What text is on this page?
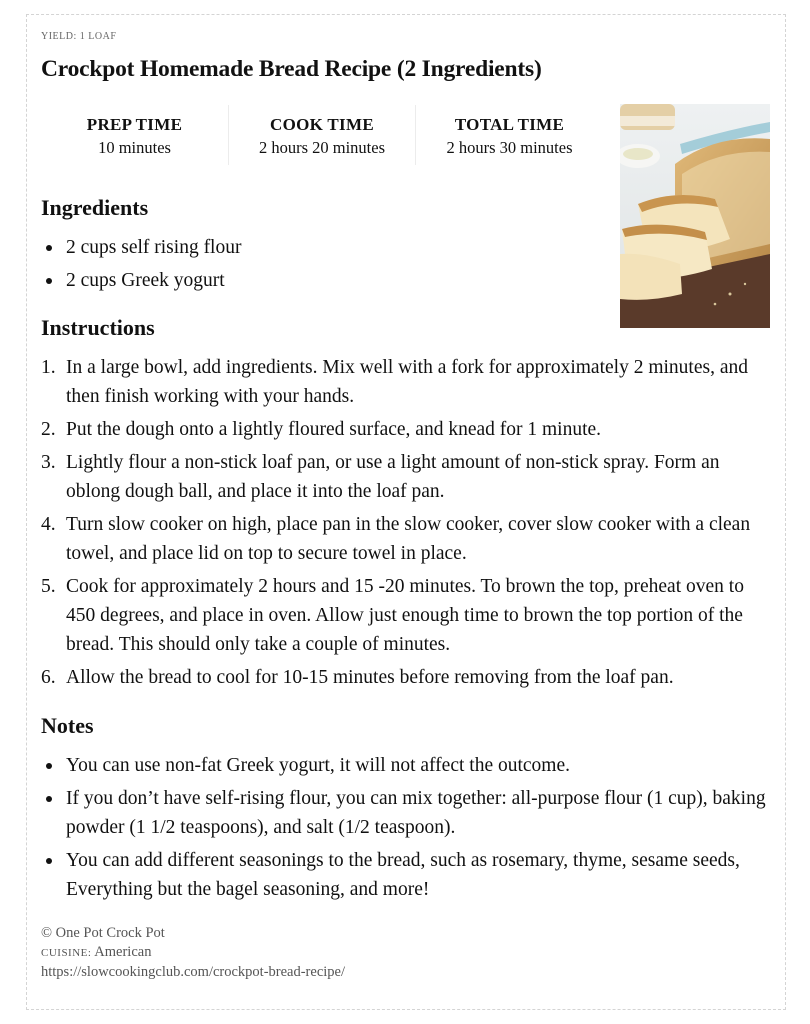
YIELD: 1 LOAF
Crockpot Homemade Bread Recipe (2 Ingredients)
PREP TIME
10 minutes
COOK TIME
2 hours 20 minutes
TOTAL TIME
2 hours 30 minutes
Ingredients
2 cups self rising flour
2 cups Greek yogurt
Instructions
1. In a large bowl, add ingredients. Mix well with a fork for approximately 2 minutes, and then finish working with your hands.
2. Put the dough onto a lightly floured surface, and knead for 1 minute.
3. Lightly flour a non-stick loaf pan, or use a light amount of non-stick spray. Form an oblong dough ball, and place it into the loaf pan.
4. Turn slow cooker on high, place pan in the slow cooker, cover slow cooker with a clean towel, and place lid on top to secure towel in place.
5. Cook for approximately 2 hours and 15 -20 minutes. To brown the top, preheat oven to 450 degrees, and place in oven. Allow just enough time to brown the top portion of the bread. This should only take a couple of minutes.
6. Allow the bread to cool for 10-15 minutes before removing from the loaf pan.
Notes
You can use non-fat Greek yogurt, it will not affect the outcome.
If you don’t have self-rising flour, you can mix together: all-purpose flour (1 cup), baking powder (1 1/2 teaspoons), and salt (1/2 teaspoon).
You can add different seasonings to the bread, such as rosemary, thyme, sesame seeds, Everything but the bagel seasoning, and more!
© One Pot Crock Pot
CUISINE: American
https://slowcookingclub.com/crockpot-bread-recipe/
